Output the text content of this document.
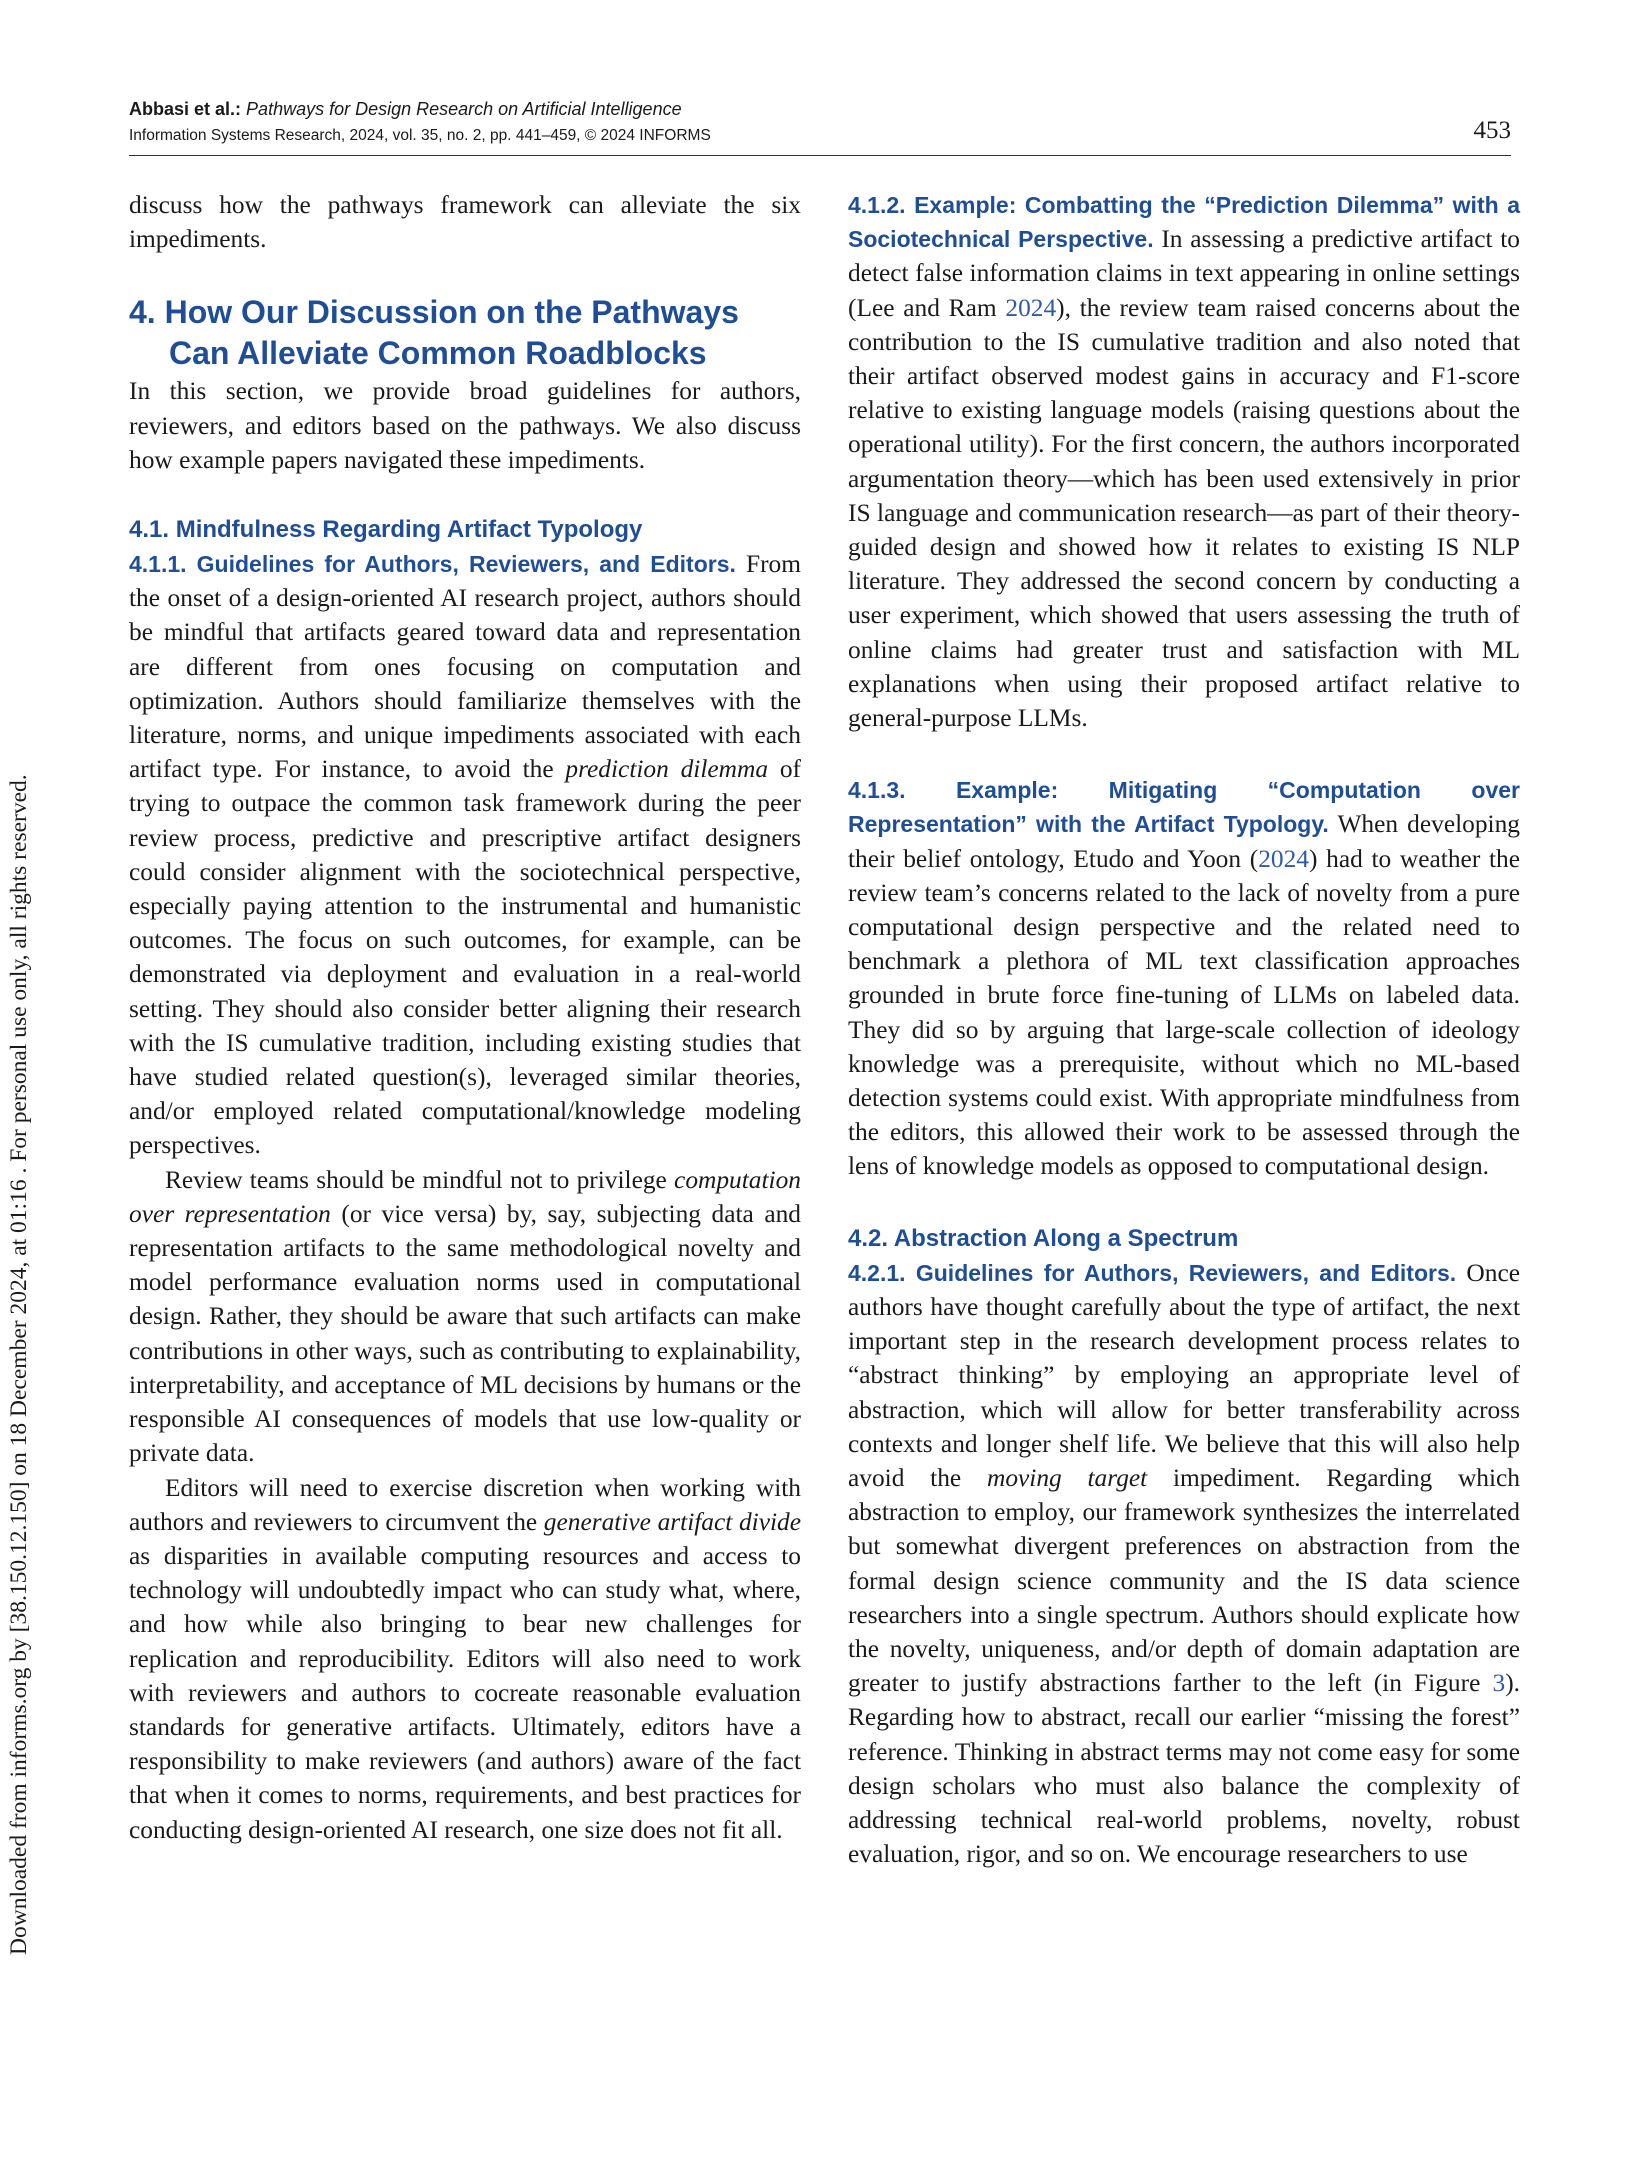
Abbasi et al.: Pathways for Design Research on Artificial Intelligence
Information Systems Research, 2024, vol. 35, no. 2, pp. 441–459, © 2024 INFORMS	453
Downloaded from informs.org by [38.150.12.150] on 18 December 2024, at 01:16 . For personal use only, all rights reserved.

discuss how the pathways framework can alleviate the six impediments.

4. How Our Discussion on the Pathways Can Alleviate Common Roadblocks

In this section, we provide broad guidelines for authors, reviewers, and editors based on the pathways. We also discuss how example papers navigated these impediments.

4.1. Mindfulness Regarding Artifact Typology

4.1.1. Guidelines for Authors, Reviewers, and Editors. From the onset of a design-oriented AI research project, authors should be mindful that artifacts geared toward data and representation are different from ones focusing on computation and optimization. Authors should familiarize themselves with the literature, norms, and unique impediments associated with each artifact type. For instance, to avoid the prediction dilemma of trying to outpace the common task framework during the peer review process, predictive and prescriptive artifact designers could consider alignment with the sociotechnical perspective, especially paying attention to the instrumental and humanistic outcomes. The focus on such outcomes, for example, can be demonstrated via deployment and evaluation in a real-world setting. They should also consider better aligning their research with the IS cumulative tradition, including existing studies that have studied related question(s), leveraged similar theories, and/or employed related computational/knowledge modeling perspectives.

Review teams should be mindful not to privilege computation over representation (or vice versa) by, say, subjecting data and representation artifacts to the same methodological novelty and model performance evaluation norms used in computational design. Rather, they should be aware that such artifacts can make contributions in other ways, such as contributing to explainability, interpretability, and acceptance of ML decisions by humans or the responsible AI consequences of models that use low-quality or private data.

Editors will need to exercise discretion when working with authors and reviewers to circumvent the generative artifact divide as disparities in available computing resources and access to technology will undoubtedly impact who can study what, where, and how while also bringing to bear new challenges for replication and reproducibility. Editors will also need to work with reviewers and authors to cocreate reasonable evaluation standards for generative artifacts. Ultimately, editors have a responsibility to make reviewers (and authors) aware of the fact that when it comes to norms, requirements, and best practices for conducting design-oriented AI research, one size does not fit all.

4.1.2. Example: Combatting the “Prediction Dilemma” with a Sociotechnical Perspective. In assessing a predictive artifact to detect false information claims in text appearing in online settings (Lee and Ram 2024), the review team raised concerns about the contribution to the IS cumulative tradition and also noted that their artifact observed modest gains in accuracy and F1-score relative to existing language models (raising questions about the operational utility). For the first concern, the authors incorporated argumentation theory—which has been used extensively in prior IS language and communication research—as part of their theory-guided design and showed how it relates to existing IS NLP literature. They addressed the second concern by conducting a user experiment, which showed that users assessing the truth of online claims had greater trust and satisfaction with ML explanations when using their proposed artifact relative to general-purpose LLMs.

4.1.3. Example: Mitigating “Computation over Representation” with the Artifact Typology. When developing their belief ontology, Etudo and Yoon (2024) had to weather the review team’s concerns related to the lack of novelty from a pure computational design perspective and the related need to benchmark a plethora of ML text classification approaches grounded in brute force fine-tuning of LLMs on labeled data. They did so by arguing that large-scale collection of ideology knowledge was a prerequisite, without which no ML-based detection systems could exist. With appropriate mindfulness from the editors, this allowed their work to be assessed through the lens of knowledge models as opposed to computational design.

4.2. Abstraction Along a Spectrum

4.2.1. Guidelines for Authors, Reviewers, and Editors. Once authors have thought carefully about the type of artifact, the next important step in the research development process relates to “abstract thinking” by employing an appropriate level of abstraction, which will allow for better transferability across contexts and longer shelf life. We believe that this will also help avoid the moving target impediment. Regarding which abstraction to employ, our framework synthesizes the interrelated but somewhat divergent preferences on abstraction from the formal design science community and the IS data science researchers into a single spectrum. Authors should explicate how the novelty, uniqueness, and/or depth of domain adaptation are greater to justify abstractions farther to the left (in Figure 3). Regarding how to abstract, recall our earlier “missing the forest” reference. Thinking in abstract terms may not come easy for some design scholars who must also balance the complexity of addressing technical real-world problems, novelty, robust evaluation, rigor, and so on. We encourage researchers to use
